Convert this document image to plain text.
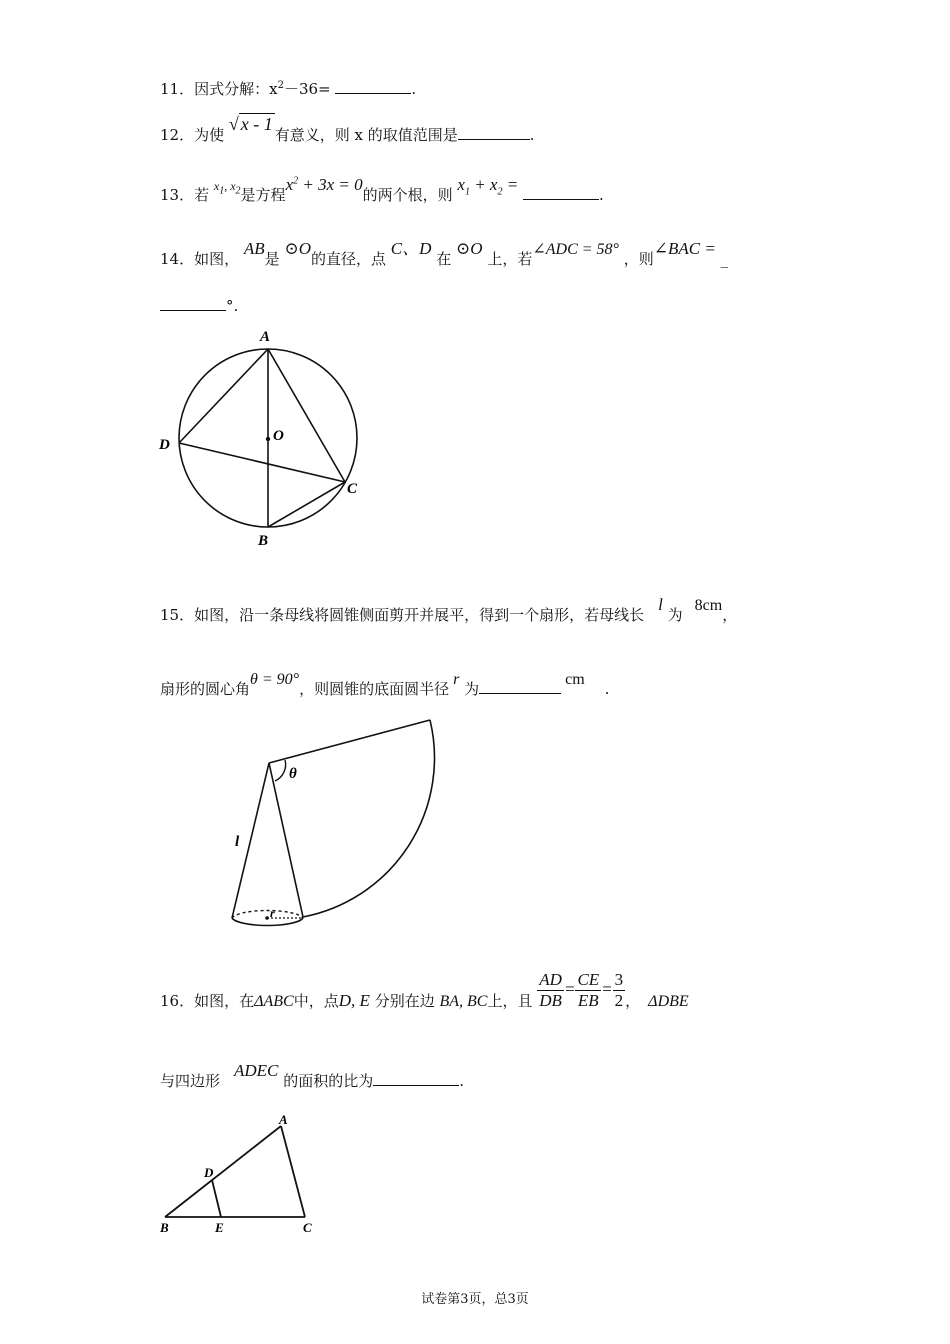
11．因式分解：$x^2-36=$	.
12．为使 √ x - 1有意义，则 x 的取值范围是	.
13．若 $^{x_1, x_2}$是方程$x^2 + 3x = 0$的两个根，则 $x_1 + x_2$ = .
14．如图， AB是 ⊙O的直径，点 C、D 在 ⊙O 上，若∠ADC = 58° ，则∠BAC = _
°.
A
B
C
D
O
15．如图，沿一条母线将圆锥侧面剪开并展平，得到一个扇形，若母线长l 为8cm，
扇形的圆心角θ = 90°，则圆锥的底面圆半径r 为cm.
θ
l
r
16．如图，在ΔABC中，点D, E 分别在边 BA, BC上，且 $\frac{AD}{DB} = \frac{CE}{EB} = \frac{3}{2}$ ， ΔDBE
与四边形ADEC 的面积的比为	.
A
B	C
D
E
试卷第3页，总3页
